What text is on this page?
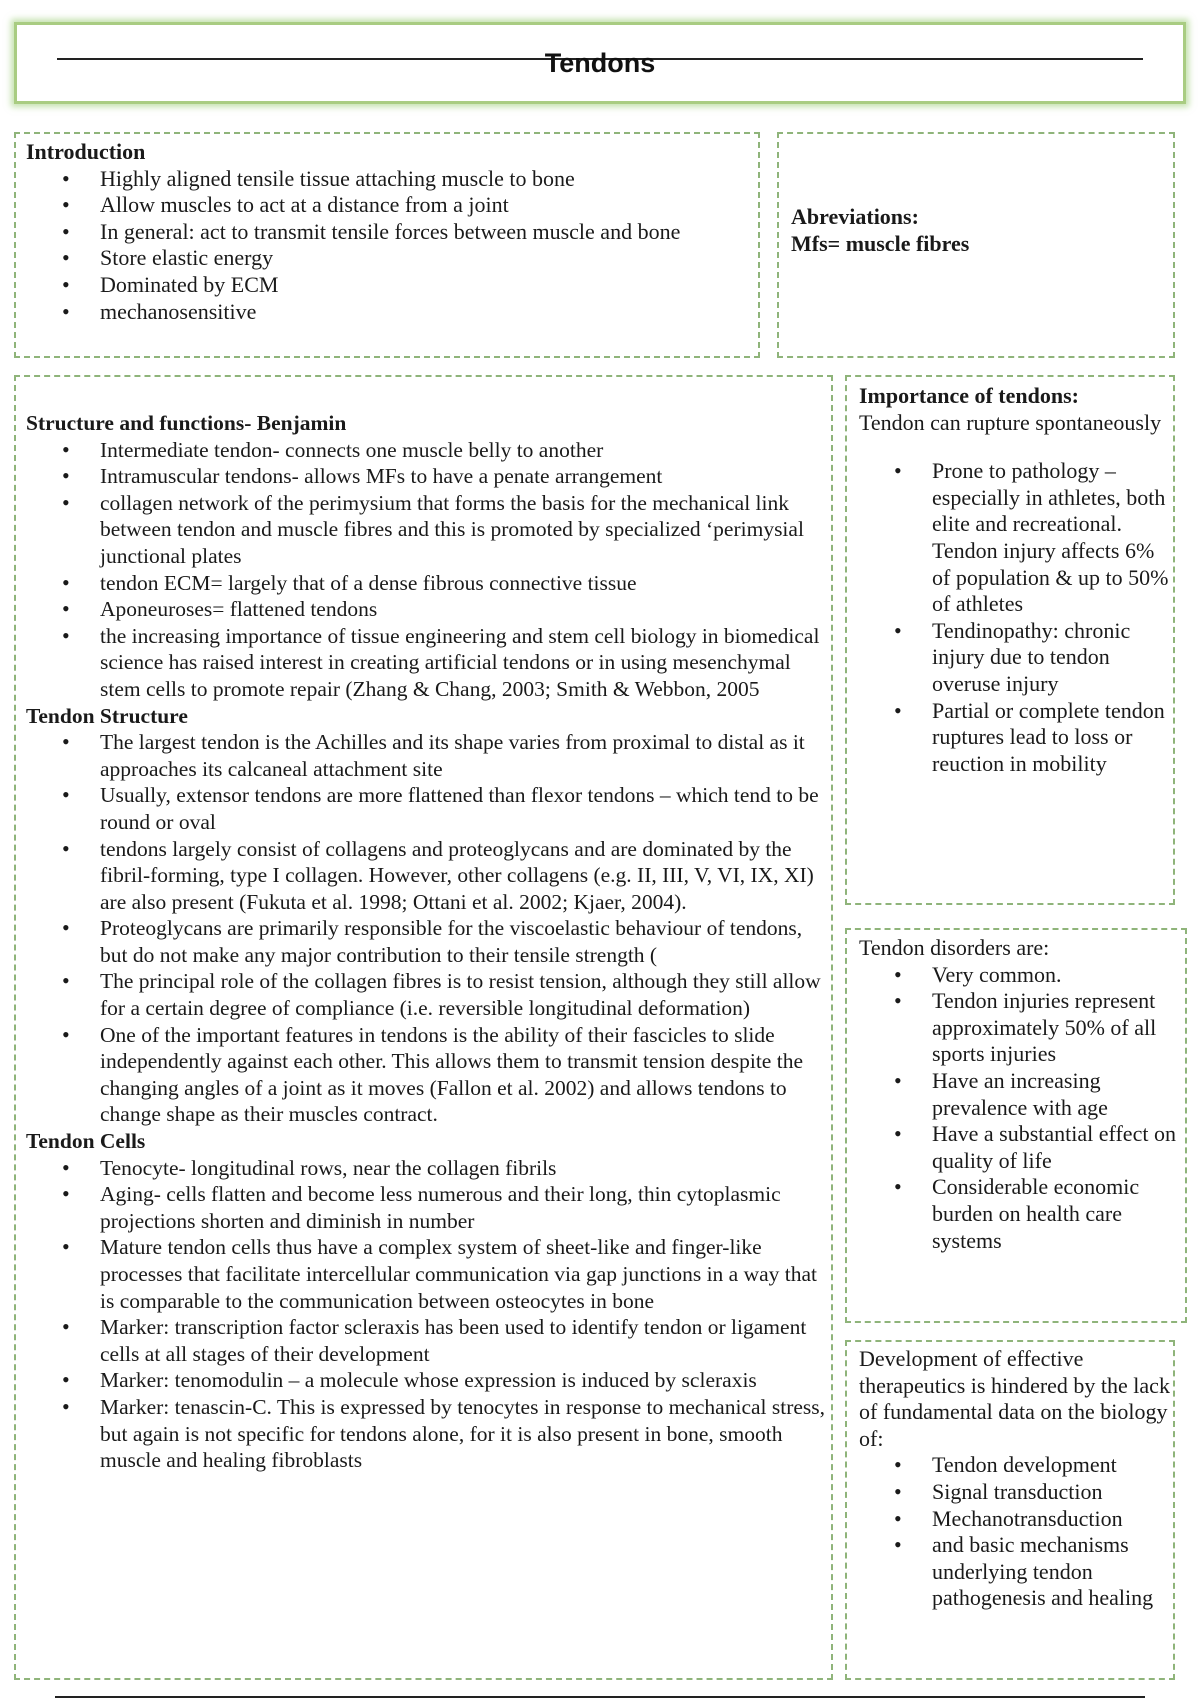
Tendons
Introduction
• Highly aligned tensile tissue attaching muscle to bone
• Allow muscles to act at a distance from a joint
• In general: act to transmit tensile forces between muscle and bone
• Store elastic energy
• Dominated by ECM
• mechanosensitive
Abreviations:
Mfs= muscle fibres
Structure and functions- Benjamin
• Intermediate tendon- connects one muscle belly to another
• Intramuscular tendons- allows MFs to have a penate arrangement
• collagen network of the perimysium that forms the basis for the mechanical link between tendon and muscle fibres and this is promoted by specialized ‘perimysial junctional plates
• tendon ECM= largely that of a dense fibrous connective tissue
• Aponeuroses= flattened tendons
• the increasing importance of tissue engineering and stem cell biology in biomedical science has raised interest in creating artificial tendons or in using mesenchymal stem cells to promote repair (Zhang & Chang, 2003; Smith & Webbon, 2005
Tendon Structure
• The largest tendon is the Achilles and its shape varies from proximal to distal as it approaches its calcaneal attachment site
• Usually, extensor tendons are more flattened than flexor tendons – which tend to be round or oval
• tendons largely consist of collagens and proteoglycans and are dominated by the fibril-forming, type I collagen. However, other collagens (e.g. II, III, V, VI, IX, XI) are also present (Fukuta et al. 1998; Ottani et al. 2002; Kjaer, 2004).
• Proteoglycans are primarily responsible for the viscoelastic behaviour of tendons, but do not make any major contribution to their tensile strength (
• The principal role of the collagen fibres is to resist tension, although they still allow for a certain degree of compliance (i.e. reversible longitudinal deformation)
• One of the important features in tendons is the ability of their fascicles to slide independently against each other. This allows them to transmit tension despite the changing angles of a joint as it moves (Fallon et al. 2002) and allows tendons to change shape as their muscles contract.
Tendon Cells
• Tenocyte- longitudinal rows, near the collagen fibrils
• Aging- cells flatten and become less numerous and their long, thin cytoplasmic projections shorten and diminish in number
• Mature tendon cells thus have a complex system of sheet-like and finger-like processes that facilitate intercellular communication via gap junctions in a way that is comparable to the communication between osteocytes in bone
• Marker: transcription factor scleraxis has been used to identify tendon or ligament cells at all stages of their development
• Marker: tenomodulin – a molecule whose expression is induced by scleraxis
• Marker: tenascin-C. This is expressed by tenocytes in response to mechanical stress, but again is not specific for tendons alone, for it is also present in bone, smooth muscle and healing fibroblasts
Importance of tendons:
Tendon can rupture spontaneously
• Prone to pathology – especially in athletes, both elite and recreational. Tendon injury affects 6% of population & up to 50% of athletes
• Tendinopathy: chronic injury due to tendon overuse injury
• Partial or complete tendon ruptures lead to loss or reuction in mobility
Tendon disorders are:
• Very common.
• Tendon injuries represent approximately 50% of all sports injuries
• Have an increasing prevalence with age
• Have a substantial effect on quality of life
• Considerable economic burden on health care systems
Development of effective therapeutics is hindered by the lack of fundamental data on the biology of:
• Tendon development
• Signal transduction
• Mechanotransduction
• and basic mechanisms underlying tendon pathogenesis and healing
